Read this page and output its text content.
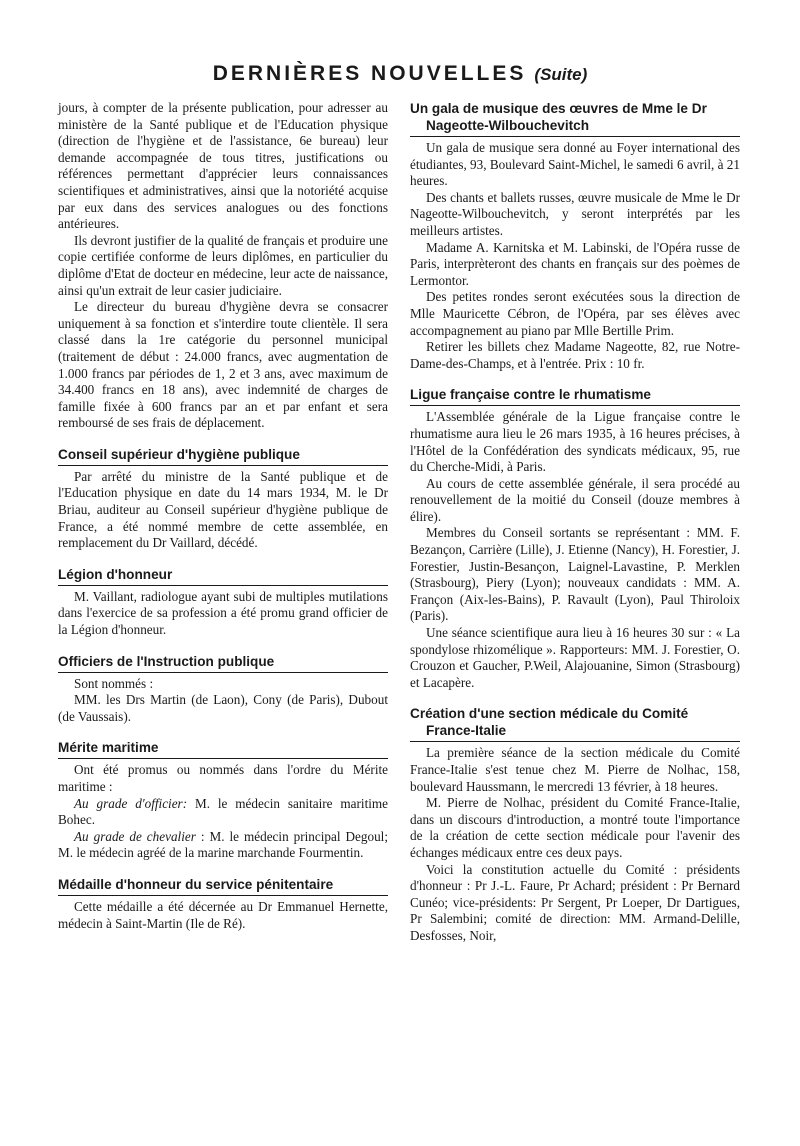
DERNIÈRES NOUVELLES (Suite)

jours, à compter de la présente publication, pour adresser au ministère de la Santé publique et de l'Education physique (direction de l'hygiène et de l'assistance, 6e bureau) leur demande accompagnée de tous titres, justifications ou références permettant d'apprécier leurs connaissances scientifiques et administratives, ainsi que la notoriété acquise par eux dans des services analogues ou des fonctions antérieures.

Ils devront justifier de la qualité de français et produire une copie certifiée conforme de leurs diplômes, en particulier du diplôme d'Etat de docteur en médecine, leur acte de naissance, ainsi qu'un extrait de leur casier judiciaire.

Le directeur du bureau d'hygiène devra se consacrer uniquement à sa fonction et s'interdire toute clientèle. Il sera classé dans la 1re catégorie du personnel municipal (traitement de début : 24.000 francs, avec augmentation de 1.000 francs par périodes de 1, 2 et 3 ans, avec maximum de 34.400 francs en 18 ans), avec indemnité de charges de famille fixée à 600 francs par an et par enfant et sera remboursé de ses frais de déplacement.

Conseil supérieur d'hygiène publique

Par arrêté du ministre de la Santé publique et de l'Education physique en date du 14 mars 1934, M. le Dr Briau, auditeur au Conseil supérieur d'hygiène publique de France, a été nommé membre de cette assemblée, en remplacement du Dr Vaillard, décédé.

Légion d'honneur

M. Vaillant, radiologue ayant subi de multiples mutilations dans l'exercice de sa profession a été promu grand officier de la Légion d'honneur.

Officiers de l'Instruction publique

Sont nommés :

MM. les Drs Martin (de Laon), Cony (de Paris), Dubout (de Vaussais).

Mérite maritime

Ont été promus ou nommés dans l'ordre du Mérite maritime :

Au grade d'officier: M. le médecin sanitaire maritime Bohec.

Au grade de chevalier : M. le médecin principal Degoul; M. le médecin agréé de la marine marchande Fourmentin.

Médaille d'honneur du service pénitentaire

Cette médaille a été décernée au Dr Emmanuel Hernette, médecin à Saint-Martin (Ile de Ré).

Un gala de musique des œuvres de Mme le Dr
Nageotte-Wilbouchevitch

Un gala de musique sera donné au Foyer international des étudiantes, 93, Boulevard Saint-Michel, le samedi 6 avril, à 21 heures.

Des chants et ballets russes, œuvre musicale de Mme le Dr Nageotte-Wilbouchevitch, y seront interprétés par les meilleurs artistes.

Madame A. Karnitska et M. Labinski, de l'Opéra russe de Paris, interprèteront des chants en français sur des poèmes de Lermontor.

Des petites rondes seront exécutées sous la direction de Mlle Mauricette Cébron, de l'Opéra, par ses élèves avec accompagnement au piano par Mlle Bertille Prim.

Retirer les billets chez Madame Nageotte, 82, rue Notre-Dame-des-Champs, et à l'entrée. Prix : 10 fr.

Ligue française contre le rhumatisme

L'Assemblée générale de la Ligue française contre le rhumatisme aura lieu le 26 mars 1935, à 16 heures précises, à l'Hôtel de la Confédération des syndicats médicaux, 95, rue du Cherche-Midi, à Paris.

Au cours de cette assemblée générale, il sera procédé au renouvellement de la moitié du Conseil (douze membres à élire).

Membres du Conseil sortants se représentant : MM. F. Bezançon, Carrière (Lille), J. Etienne (Nancy), H. Forestier, J. Forestier, Justin-Besançon, Laignel-Lavastine, P. Merklen (Strasbourg), Piery (Lyon); nouveaux candidats : MM. A. Françon (Aix-les-Bains), P. Ravault (Lyon), Paul Thiroloix (Paris).

Une séance scientifique aura lieu à 16 heures 30 sur : « La spondylose rhizomélique ». Rapporteurs: MM. J. Forestier, O. Crouzon et Gaucher, P.Weil, Alajouanine, Simon (Strasbourg) et Lacapère.

Création d'une section médicale du Comité
France-Italie

La première séance de la section médicale du Comité France-Italie s'est tenue chez M. Pierre de Nolhac, 158, boulevard Haussmann, le mercredi 13 février, à 18 heures.

M. Pierre de Nolhac, président du Comité France-Italie, dans un discours d'introduction, a montré toute l'importance de la création de cette section médicale pour l'avenir des échanges médicaux entre ces deux pays.

Voici la constitution actuelle du Comité : présidents d'honneur : Pr J.-L. Faure, Pr Achard; président : Pr Bernard Cunéo; vice-présidents: Pr Sergent, Pr Loeper, Dr Dartigues, Pr Salembini; comité de direction: MM. Armand-Delille, Desfosses, Noir,
